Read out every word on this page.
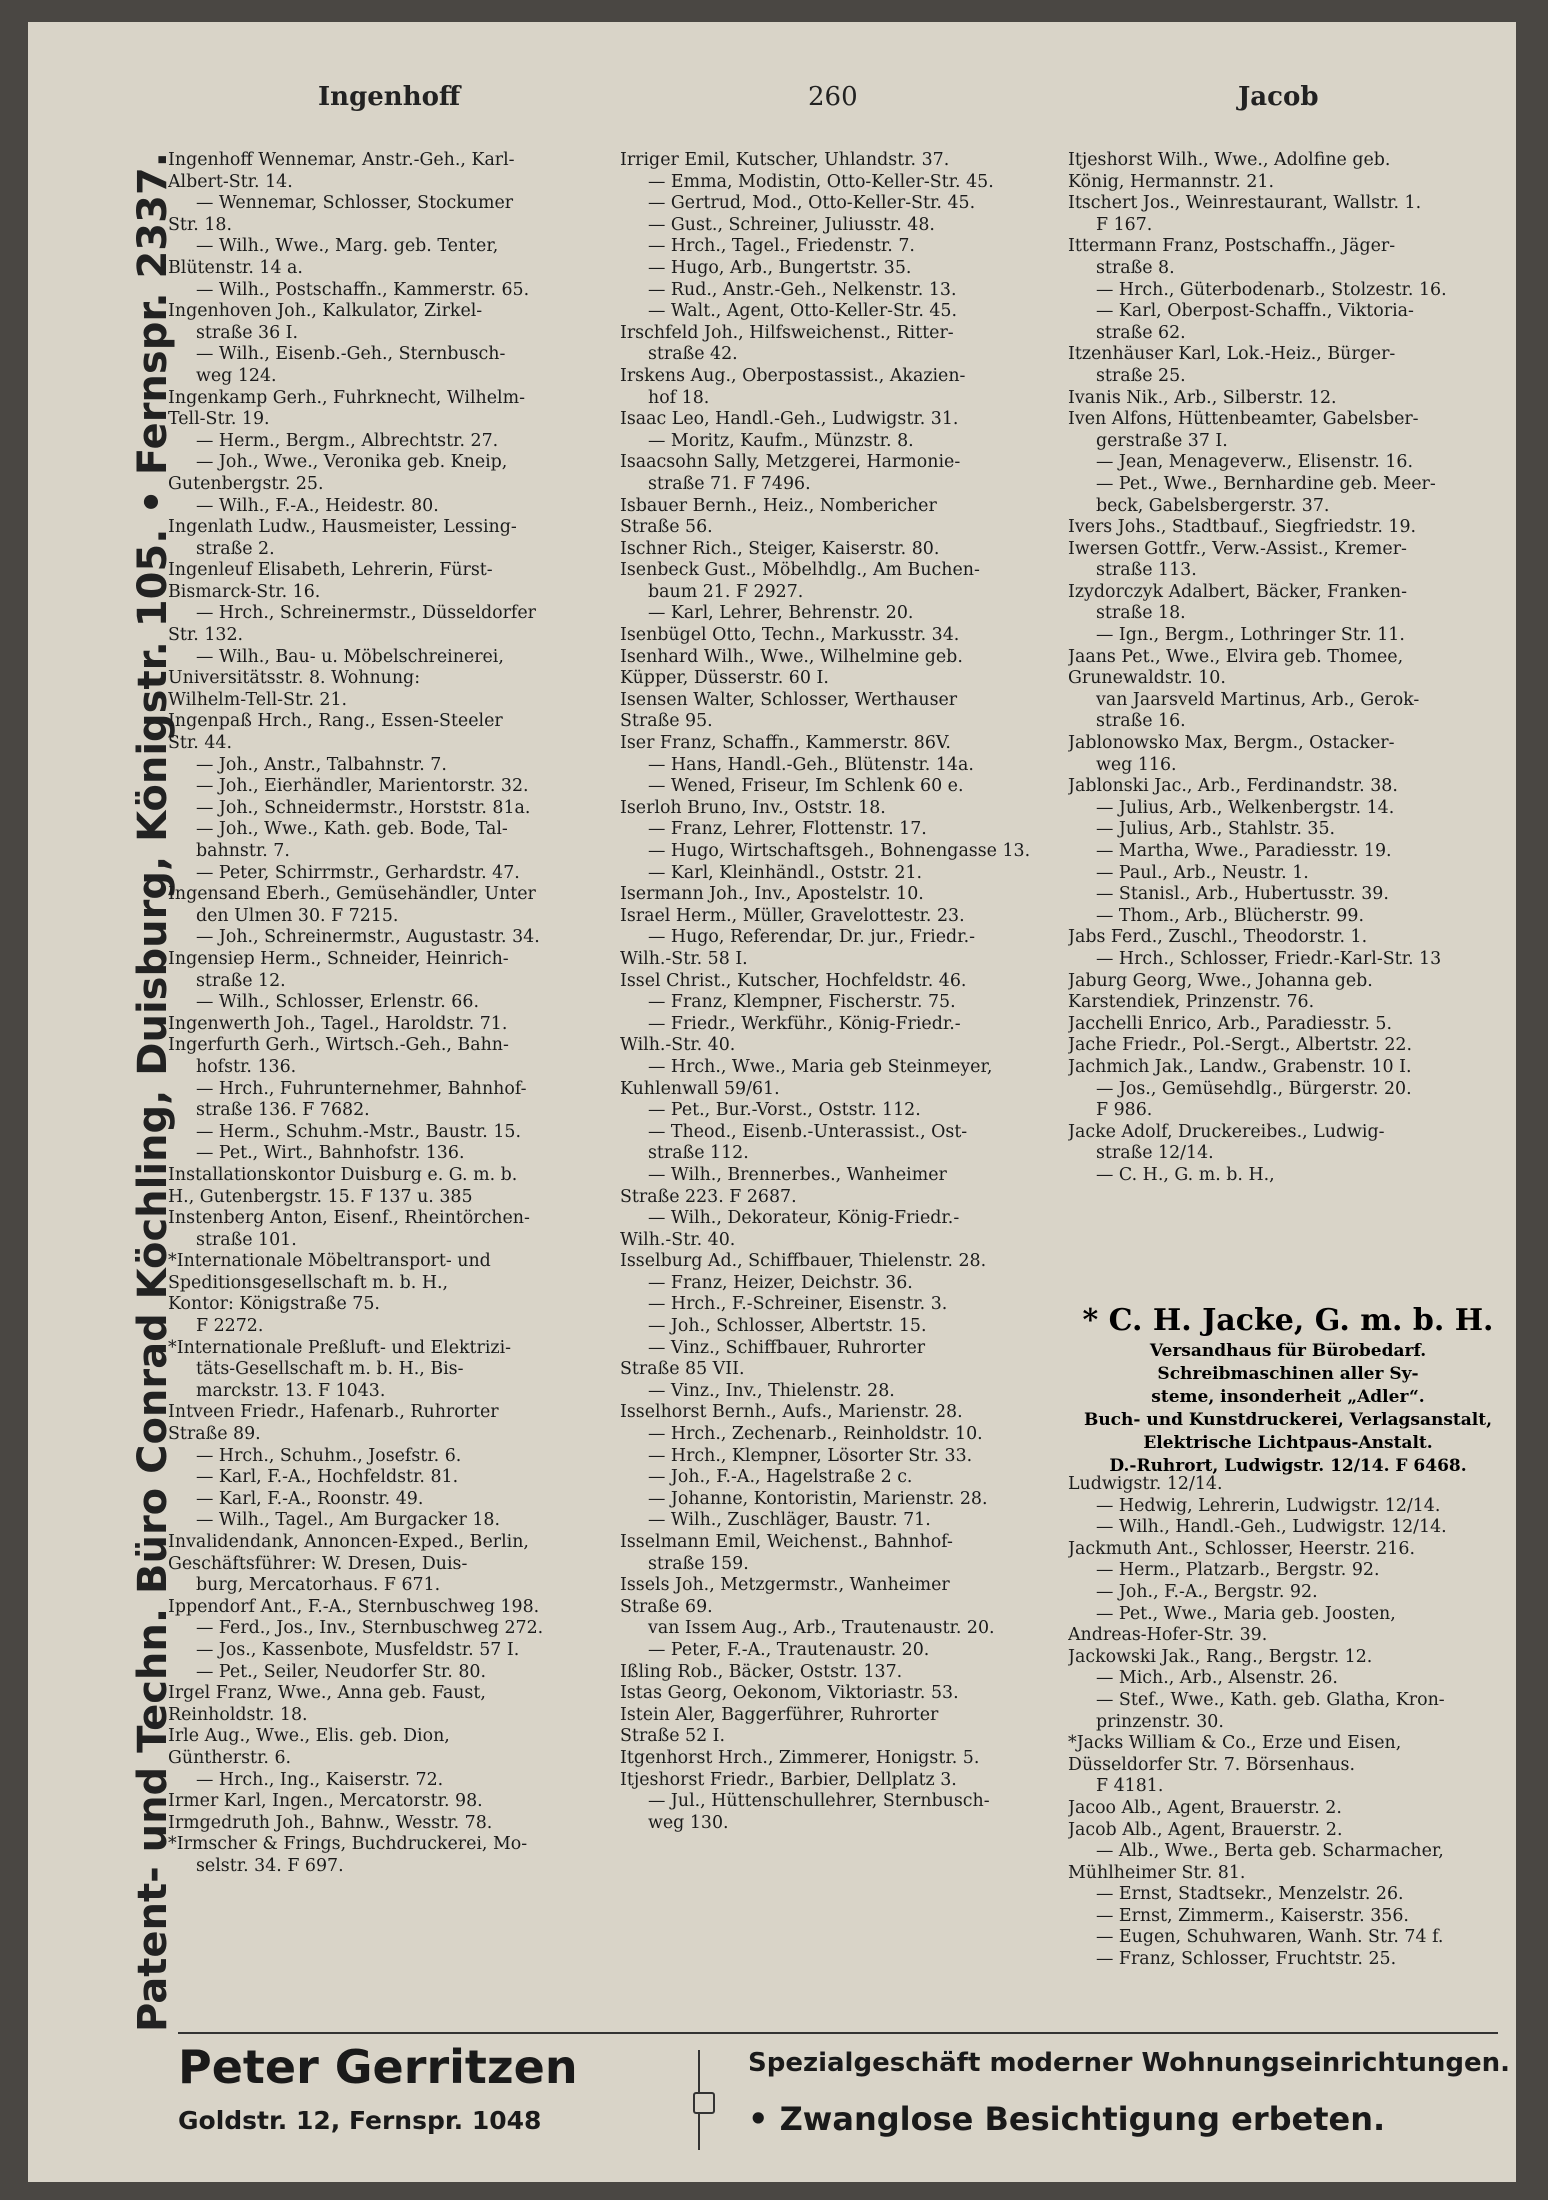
Patent- und Techn. Büro Conrad Köchling, Duisburg, Königstr. 105. • Fernspr. 2337.
Ingenhoff	260	Jacob
Ingenhoff Wennemar, Anstr.-Geh., Karl-
Albert-Str. 14.
— Wennemar, Schlosser, Stockumer
Str. 18.
— Wilh., Wwe., Marg. geb. Tenter,
Blütenstr. 14 a.
— Wilh., Postschaffn., Kammerstr. 65.
Ingenhoven Joh., Kalkulator, Zirkel-
straße 36 I.
— Wilh., Eisenb.-Geh., Sternbusch-
weg 124.
Ingenkamp Gerh., Fuhrknecht, Wilhelm-
Tell-Str. 19.
— Herm., Bergm., Albrechtstr. 27.
— Joh., Wwe., Veronika geb. Kneip,
Gutenbergstr. 25.
— Wilh., F.-A., Heidestr. 80.
Ingenlath Ludw., Hausmeister, Lessing-
straße 2.
Ingenleuf Elisabeth, Lehrerin, Fürst-
Bismarck-Str. 16.
— Hrch., Schreinermstr., Düsseldorfer
Str. 132.
— Wilh., Bau- u. Möbelschreinerei,
Universitätsstr. 8. Wohnung:
Wilhelm-Tell-Str. 21.
Ingenpaß Hrch., Rang., Essen-Steeler
Str. 44.
— Joh., Anstr., Talbahnstr. 7.
— Joh., Eierhändler, Marientorstr. 32.
— Joh., Schneidermstr., Horststr. 81a.
— Joh., Wwe., Kath. geb. Bode, Tal-
bahnstr. 7.
— Peter, Schirrmstr., Gerhardstr. 47.
Ingensand Eberh., Gemüsehändler, Unter
den Ulmen 30. F 7215.
— Joh., Schreinermstr., Augustastr. 34.
Ingensiep Herm., Schneider, Heinrich-
straße 12.
— Wilh., Schlosser, Erlenstr. 66.
Ingenwerth Joh., Tagel., Haroldstr. 71.
Ingerfurth Gerh., Wirtsch.-Geh., Bahn-
hofstr. 136.
— Hrch., Fuhrunternehmer, Bahnhof-
straße 136. F 7682.
— Herm., Schuhm.-Mstr., Baustr. 15.
— Pet., Wirt., Bahnhofstr. 136.
Installationskontor Duisburg e. G. m. b.
H., Gutenbergstr. 15. F 137 u. 385
Instenberg Anton, Eisenf., Rheintörchen-
straße 101.
*Internationale Möbeltransport- und
Speditionsgesellschaft m. b. H.,
Kontor: Königstraße 75.
F 2272.
*Internationale Preßluft- und Elektrizi-
täts-Gesellschaft m. b. H., Bis-
marckstr. 13. F 1043.
Intveen Friedr., Hafenarb., Ruhrorter
Straße 89.
— Hrch., Schuhm., Josefstr. 6.
— Karl, F.-A., Hochfeldstr. 81.
— Karl, F.-A., Roonstr. 49.
— Wilh., Tagel., Am Burgacker 18.
Invalidendank, Annoncen-Exped., Berlin,
Geschäftsführer: W. Dresen, Duis-
burg, Mercatorhaus. F 671.
Ippendorf Ant., F.-A., Sternbuschweg 198.
— Ferd., Jos., Inv., Sternbuschweg 272.
— Jos., Kassenbote, Musfeldstr. 57 I.
— Pet., Seiler, Neudorfer Str. 80.
Irgel Franz, Wwe., Anna geb. Faust,
Reinholdstr. 18.
Irle Aug., Wwe., Elis. geb. Dion,
Güntherstr. 6.
— Hrch., Ing., Kaiserstr. 72.
Irmer Karl, Ingen., Mercatorstr. 98.
Irmgedruth Joh., Bahnw., Wesstr. 78.
*Irmscher & Frings, Buchdruckerei, Mo-
selstr. 34. F 697.
Irriger Emil, Kutscher, Uhlandstr. 37.
— Emma, Modistin, Otto-Keller-Str. 45.
— Gertrud, Mod., Otto-Keller-Str. 45.
— Gust., Schreiner, Juliusstr. 48.
— Hrch., Tagel., Friedenstr. 7.
— Hugo, Arb., Bungertstr. 35.
— Rud., Anstr.-Geh., Nelkenstr. 13.
— Walt., Agent, Otto-Keller-Str. 45.
Irschfeld Joh., Hilfsweichenst., Ritter-
straße 42.
Irskens Aug., Oberpostassist., Akazien-
hof 18.
Isaac Leo, Handl.-Geh., Ludwigstr. 31.
— Moritz, Kaufm., Münzstr. 8.
Isaacsohn Sally, Metzgerei, Harmonie-
straße 71. F 7496.
Isbauer Bernh., Heiz., Nombericher
Straße 56.
Ischner Rich., Steiger, Kaiserstr. 80.
Isenbeck Gust., Möbelhdlg., Am Buchen-
baum 21. F 2927.
— Karl, Lehrer, Behrenstr. 20.
Isenbügel Otto, Techn., Markusstr. 34.
Isenhard Wilh., Wwe., Wilhelmine geb.
Küpper, Düsserstr. 60 I.
Isensen Walter, Schlosser, Werthauser
Straße 95.
Iser Franz, Schaffn., Kammerstr. 86V.
— Hans, Handl.-Geh., Blütenstr. 14a.
— Wened, Friseur, Im Schlenk 60 e.
Iserloh Bruno, Inv., Oststr. 18.
— Franz, Lehrer, Flottenstr. 17.
— Hugo, Wirtschaftsgeh., Bohnengasse 13.
— Karl, Kleinhändl., Oststr. 21.
Isermann Joh., Inv., Apostelstr. 10.
Israel Herm., Müller, Gravelottestr. 23.
— Hugo, Referendar, Dr. jur., Friedr.-
Wilh.-Str. 58 I.
Issel Christ., Kutscher, Hochfeldstr. 46.
— Franz, Klempner, Fischerstr. 75.
— Friedr., Werkführ., König-Friedr.-
Wilh.-Str. 40.
— Hrch., Wwe., Maria geb Steinmeyer,
Kuhlenwall 59/61.
— Pet., Bur.-Vorst., Oststr. 112.
— Theod., Eisenb.-Unterassist., Ost-
straße 112.
— Wilh., Brennerbes., Wanheimer
Straße 223. F 2687.
— Wilh., Dekorateur, König-Friedr.-
Wilh.-Str. 40.
Isselburg Ad., Schiffbauer, Thielenstr. 28.
— Franz, Heizer, Deichstr. 36.
— Hrch., F.-Schreiner, Eisenstr. 3.
— Joh., Schlosser, Albertstr. 15.
— Vinz., Schiffbauer, Ruhrorter
Straße 85 VII.
— Vinz., Inv., Thielenstr. 28.
Isselhorst Bernh., Aufs., Marienstr. 28.
— Hrch., Zechenarb., Reinholdstr. 10.
— Hrch., Klempner, Lösorter Str. 33.
— Joh., F.-A., Hagelstraße 2 c.
— Johanne, Kontoristin, Marienstr. 28.
— Wilh., Zuschläger, Baustr. 71.
Isselmann Emil, Weichenst., Bahnhof-
straße 159.
Issels Joh., Metzgermstr., Wanheimer
Straße 69.
van Issem Aug., Arb., Trautenaustr. 20.
— Peter, F.-A., Trautenaustr. 20.
Ißling Rob., Bäcker, Oststr. 137.
Istas Georg, Oekonom, Viktoriastr. 53.
Istein Aler, Baggerführer, Ruhrorter
Straße 52 I.
Itgenhorst Hrch., Zimmerer, Honigstr. 5.
Itjeshorst Friedr., Barbier, Dellplatz 3.
— Jul., Hüttenschullehrer, Sternbusch-
weg 130.
Itjeshorst Wilh., Wwe., Adolfine geb.
König, Hermannstr. 21.
Itschert Jos., Weinrestaurant, Wallstr. 1.
F 167.
Ittermann Franz, Postschaffn., Jäger-
straße 8.
— Hrch., Güterbodenarb., Stolzestr. 16.
— Karl, Oberpost-Schaffn., Viktoria-
straße 62.
Itzenhäuser Karl, Lok.-Heiz., Bürger-
straße 25.
Ivanis Nik., Arb., Silberstr. 12.
Iven Alfons, Hüttenbeamter, Gabelsber-
gerstraße 37 I.
— Jean, Menageverw., Elisenstr. 16.
— Pet., Wwe., Bernhardine geb. Meer-
beck, Gabelsbergerstr. 37.
Ivers Johs., Stadtbauf., Siegfriedstr. 19.
Iwersen Gottfr., Verw.-Assist., Kremer-
straße 113.
Izydorczyk Adalbert, Bäcker, Franken-
straße 18.
— Ign., Bergm., Lothringer Str. 11.
Jaans Pet., Wwe., Elvira geb. Thomee,
Grunewaldstr. 10.
van Jaarsveld Martinus, Arb., Gerok-
straße 16.
Jablonowsko Max, Bergm., Ostacker-
weg 116.
Jablonski Jac., Arb., Ferdinandstr. 38.
— Julius, Arb., Welkenbergstr. 14.
— Julius, Arb., Stahlstr. 35.
— Martha, Wwe., Paradiesstr. 19.
— Paul., Arb., Neustr. 1.
— Stanisl., Arb., Hubertusstr. 39.
— Thom., Arb., Blücherstr. 99.
Jabs Ferd., Zuschl., Theodorstr. 1.
— Hrch., Schlosser, Friedr.-Karl-Str. 13
Jaburg Georg, Wwe., Johanna geb.
Karstendiek, Prinzenstr. 76.
Jacchelli Enrico, Arb., Paradiesstr. 5.
Jache Friedr., Pol.-Sergt., Albertstr. 22.
Jachmich Jak., Landw., Grabenstr. 10 I.
— Jos., Gemüsehdlg., Bürgerstr. 20.
F 986.
Jacke Adolf, Druckereibes., Ludwig-
straße 12/14.
— C. H., G. m. b. H.,
* C. H. Jacke, G. m. b. H.
Versandhaus für Bürobedarf.
Schreibmaschinen aller Sy-
steme, insonderheit „Adler“.
Buch- und Kunstdruckerei, Verlagsanstalt,
Elektrische Lichtpaus-Anstalt.
D.-Ruhrort, Ludwigstr. 12/14. F 6468.
Ludwigstr. 12/14.
— Hedwig, Lehrerin, Ludwigstr. 12/14.
— Wilh., Handl.-Geh., Ludwigstr. 12/14.
Jackmuth Ant., Schlosser, Heerstr. 216.
— Herm., Platzarb., Bergstr. 92.
— Joh., F.-A., Bergstr. 92.
— Pet., Wwe., Maria geb. Joosten,
Andreas-Hofer-Str. 39.
Jackowski Jak., Rang., Bergstr. 12.
— Mich., Arb., Alsenstr. 26.
— Stef., Wwe., Kath. geb. Glatha, Kron-
prinzenstr. 30.
*Jacks William & Co., Erze und Eisen,
Düsseldorfer Str. 7. Börsenhaus.
F 4181.
Jacoo Alb., Agent, Brauerstr. 2.
Jacob Alb., Agent, Brauerstr. 2.
— Alb., Wwe., Berta geb. Scharmacher,
Mühlheimer Str. 81.
— Ernst, Stadtsekr., Menzelstr. 26.
— Ernst, Zimmerm., Kaiserstr. 356.
— Eugen, Schuhwaren, Wanh. Str. 74 f.
— Franz, Schlosser, Fruchtstr. 25.
Peter Gerritzen
Goldstr. 12, Fernspr. 1048
Spezialgeschäft moderner Wohnungseinrichtungen.
• Zwanglose Besichtigung erbeten.
